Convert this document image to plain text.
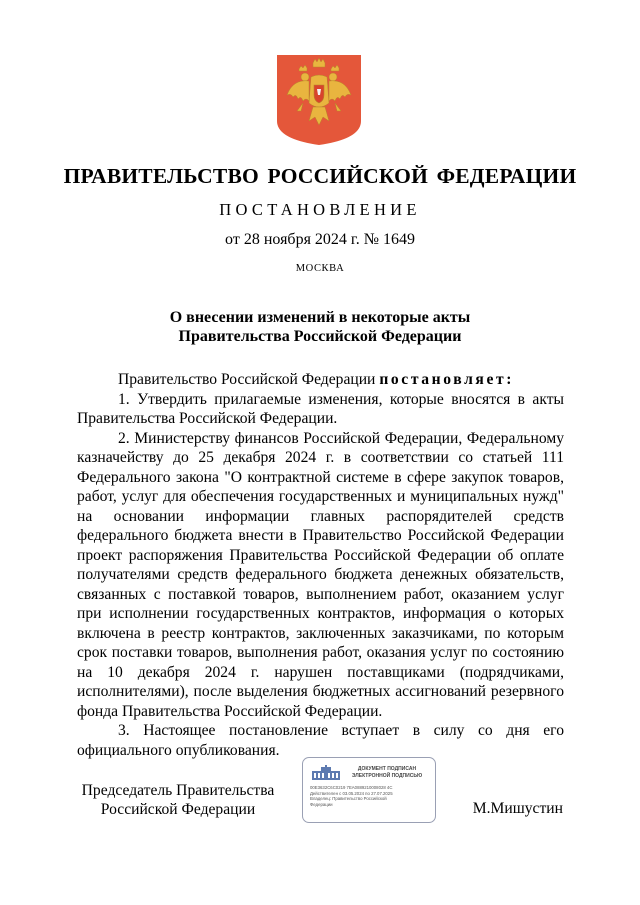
ПРАВИТЕЛЬСТВО РОССИЙСКОЙ ФЕДЕРАЦИИ
ПОСТАНОВЛЕНИЕ
от 28 ноября 2024 г. № 1649
МОСКВА
О внесении изменений в некоторые акты
Правительства Российской Федерации

Правительство Российской Федерации постановляет:

1. Утвердить прилагаемые изменения, которые вносятся в акты Правительства Российской Федерации.

2. Министерству финансов Российской Федерации, Федеральному казначейству до 25 декабря 2024 г. в соответствии со статьей 111 Федерального закона "О контрактной системе в сфере закупок товаров, работ, услуг для обеспечения государственных и муниципальных нужд" на основании информации главных распорядителей средств федерального бюджета внести в Правительство Российской Федерации проект распоряжения Правительства Российской Федерации об оплате получателями средств федерального бюджета денежных обязательств, связанных с поставкой товаров, выполнением работ, оказанием услуг при исполнении государственных контрактов, информация о которых включена в реестр контрактов, заключенных заказчиками, по которым срок поставки товаров, выполнения работ, оказания услуг по состоянию на 10 декабря 2024 г. нарушен поставщиками (подрядчиками, исполнителями), после выделения бюджетных ассигнований резервного фонда Правительства Российской Федерации.

3. Настоящее постановление вступает в силу со дня его официального опубликования.

Председатель Правительства
Российской Федерации
ДОКУМЕНТ ПОДПИСАН
ЭЛЕКТРОННОЙ ПОДПИСЬЮ
00E3632C6C0219 7EA0889210008028 4C
Действителен с 03.05.2024 по 27.07.2025
Владелец: Правительство Российской
Федерации	М.Мишустин
